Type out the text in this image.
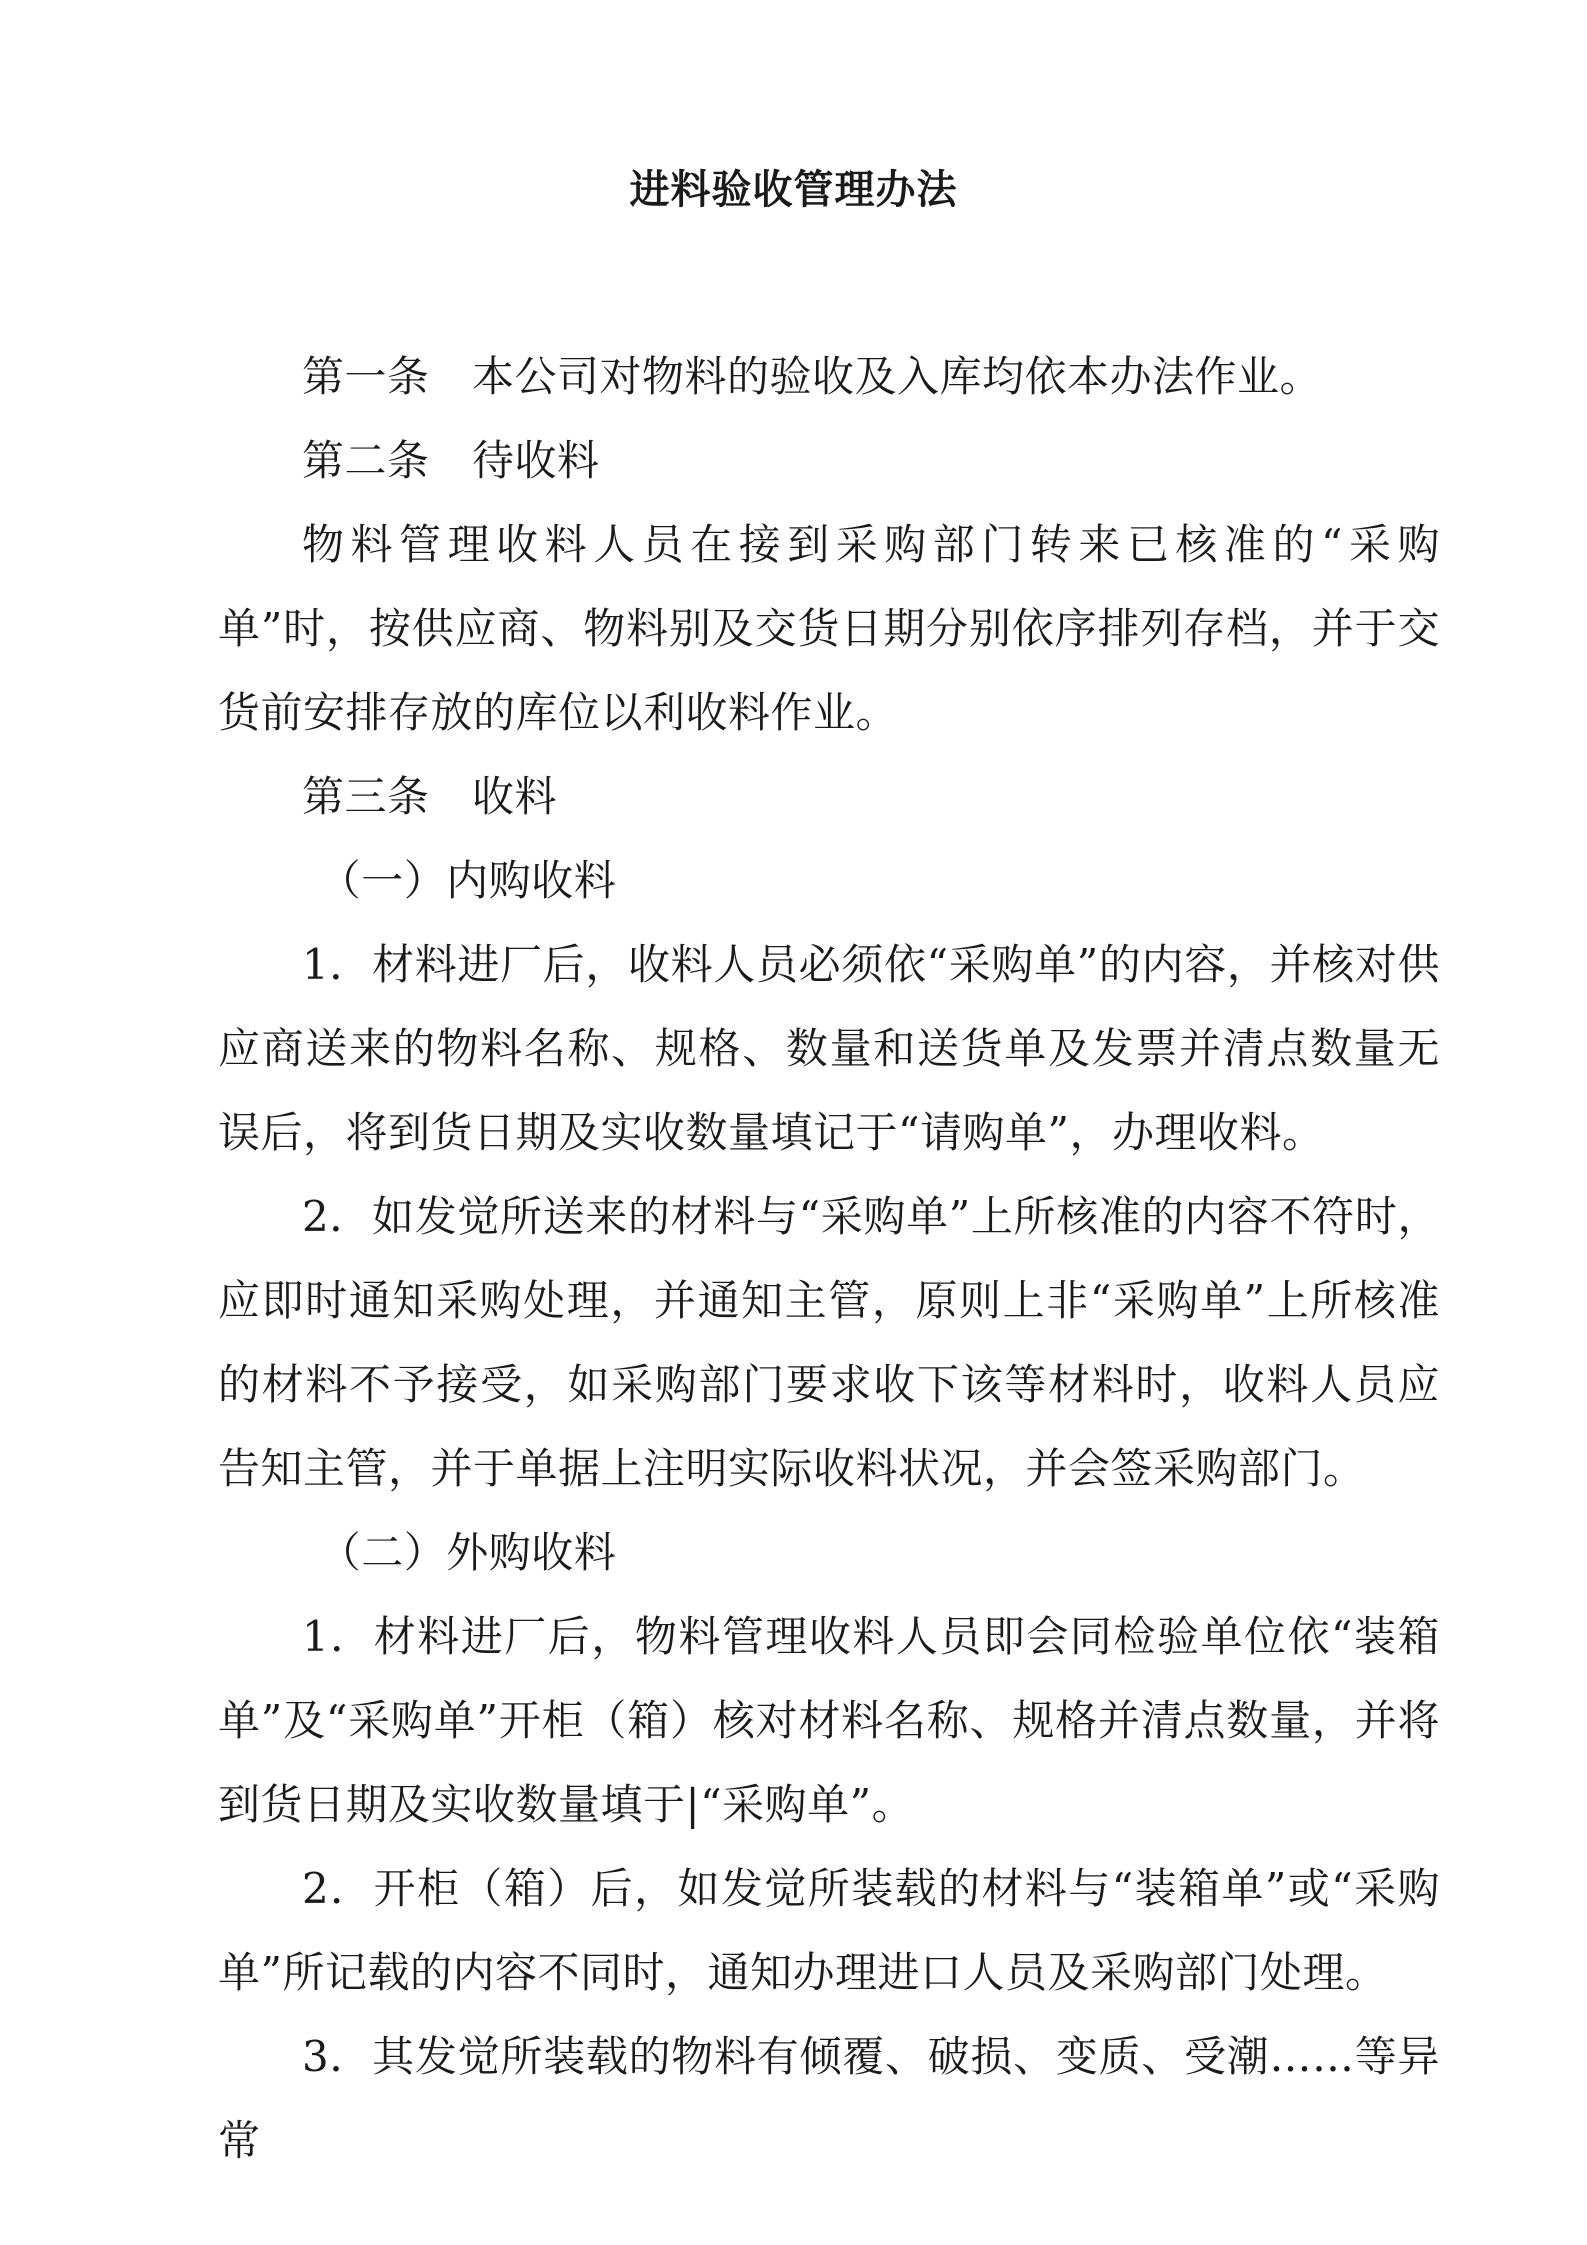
进料验收管理办法

第一条　本公司对物料的验收及入库均依本办法作业。

第二条　待收料

物料管理收料人员在接到采购部门转来已核准的“采购单”时，按供应商、物料别及交货日期分别依序排列存档，并于交货前安排存放的库位以利收料作业。

第三条　收料

（一）内购收料

1．材料进厂后，收料人员必须依“采购单”的内容，并核对供应商送来的物料名称、规格、数量和送货单及发票并清点数量无误后，将到货日期及实收数量填记于“请购单”，办理收料。

2．如发觉所送来的材料与“采购单”上所核准的内容不符时，应即时通知采购处理，并通知主管，原则上非“采购单”上所核准的材料不予接受，如采购部门要求收下该等材料时，收料人员应告知主管，并于单据上注明实际收料状况，并会签采购部门。

（二）外购收料

1．材料进厂后，物料管理收料人员即会同检验单位依“装箱单”及“采购单”开柜（箱）核对材料名称、规格并清点数量，并将到货日期及实收数量填于|“采购单”。

2．开柜（箱）后，如发觉所装载的材料与“装箱单”或“采购单”所记载的内容不同时，通知办理进口人员及采购部门处理。

3．其发觉所装载的物料有倾覆、破损、变质、受潮……等异常
